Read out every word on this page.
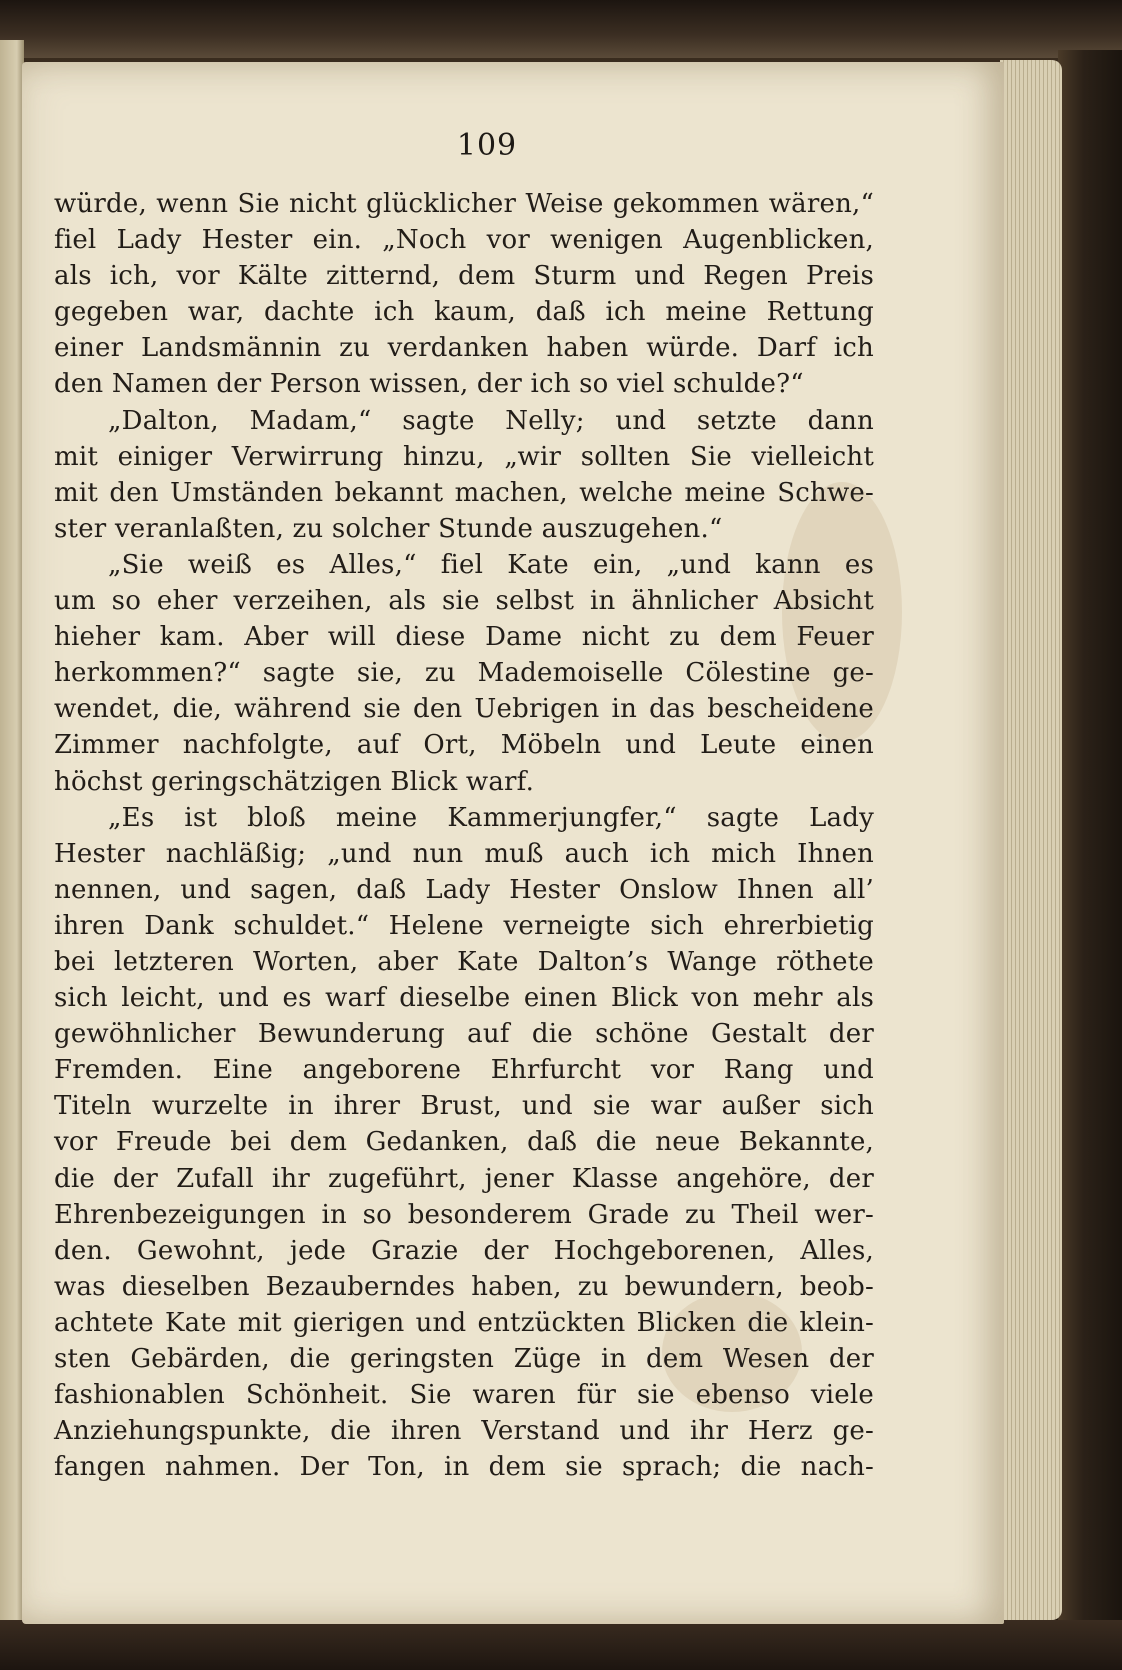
109
würde, wenn Sie nicht glücklicher Weise gekommen wären,“
fiel Lady Hester ein. „Noch vor wenigen Augenblicken,
als ich, vor Kälte zitternd, dem Sturm und Regen Preis
gegeben war, dachte ich kaum, daß ich meine Rettung
einer Landsmännin zu verdanken haben würde. Darf ich
den Namen der Person wissen, der ich so viel schulde?“
„Dalton, Madam,“ sagte Nelly; und setzte dann
mit einiger Verwirrung hinzu, „wir sollten Sie vielleicht
mit den Umständen bekannt machen, welche meine Schwe-
ster veranlaßten, zu solcher Stunde auszugehen.“
„Sie weiß es Alles,“ fiel Kate ein, „und kann es
um so eher verzeihen, als sie selbst in ähnlicher Absicht
hieher kam. Aber will diese Dame nicht zu dem Feuer
herkommen?“ sagte sie, zu Mademoiselle Cölestine ge-
wendet, die, während sie den Uebrigen in das bescheidene
Zimmer nachfolgte, auf Ort, Möbeln und Leute einen
höchst geringschätzigen Blick warf.
„Es ist bloß meine Kammerjungfer,“ sagte Lady
Hester nachläßig; „und nun muß auch ich mich Ihnen
nennen, und sagen, daß Lady Hester Onslow Ihnen all’
ihren Dank schuldet.“ Helene verneigte sich ehrerbietig
bei letzteren Worten, aber Kate Dalton’s Wange röthete
sich leicht, und es warf dieselbe einen Blick von mehr als
gewöhnlicher Bewunderung auf die schöne Gestalt der
Fremden. Eine angeborene Ehrfurcht vor Rang und
Titeln wurzelte in ihrer Brust, und sie war außer sich
vor Freude bei dem Gedanken, daß die neue Bekannte,
die der Zufall ihr zugeführt, jener Klasse angehöre, der
Ehrenbezeigungen in so besonderem Grade zu Theil wer-
den. Gewohnt, jede Grazie der Hochgeborenen, Alles,
was dieselben Bezauberndes haben, zu bewundern, beob-
achtete Kate mit gierigen und entzückten Blicken die klein-
sten Gebärden, die geringsten Züge in dem Wesen der
fashionablen Schönheit. Sie waren für sie ebenso viele
Anziehungspunkte, die ihren Verstand und ihr Herz ge-
fangen nahmen. Der Ton, in dem sie sprach; die nach-
